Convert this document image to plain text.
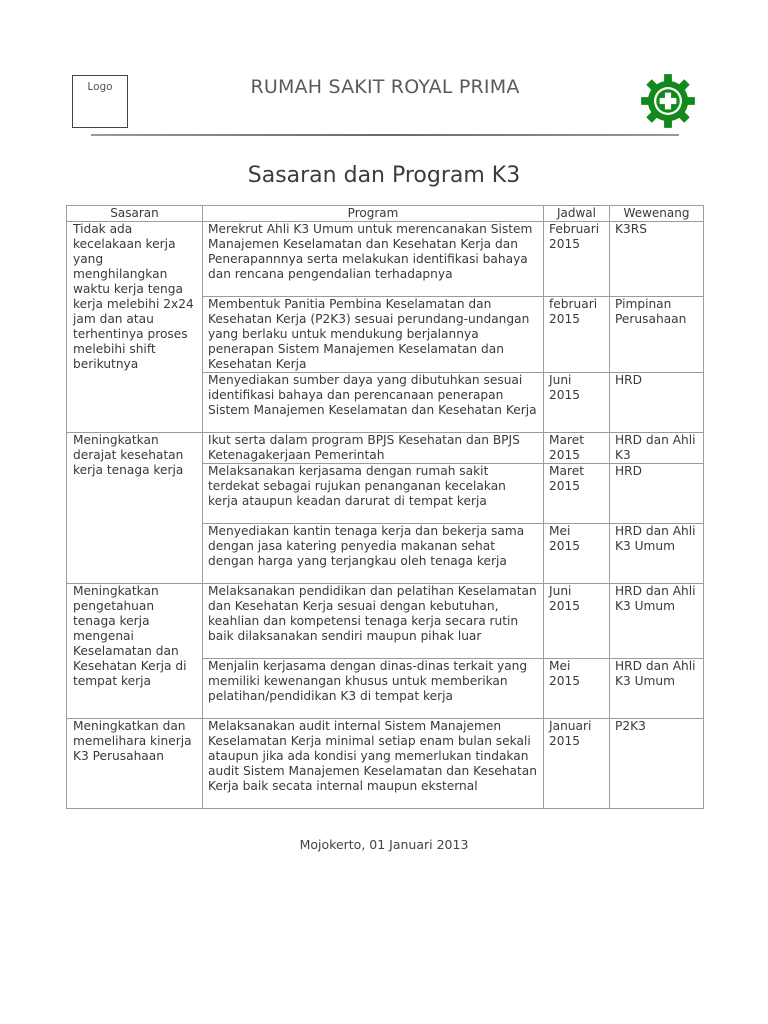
Logo	RUMAH SAKIT ROYAL PRIMA
Sasaran dan Program K3
Sasaran	Program	Jadwal	Wewenang
Tidak ada kecelakaan kerja yang menghilangkan waktu kerja tenga kerja melebihi 2x24 jam dan atau terhentinya proses melebihi shift berikutnya	Merekrut Ahli K3 Umum untuk merencanakan Sistem Manajemen Keselamatan dan Kesehatan Kerja dan Penerapannnya serta melakukan identifikasi bahaya dan rencana pengendalian terhadapnya	Februari 2015	K3RS
	Membentuk Panitia Pembina Keselamatan dan Kesehatan Kerja (P2K3) sesuai perundang-undangan yang berlaku untuk mendukung berjalannya penerapan Sistem Manajemen Keselamatan dan Kesehatan Kerja	februari 2015	Pimpinan Perusahaan
	Menyediakan sumber daya yang dibutuhkan sesuai identifikasi bahaya dan perencanaan penerapan Sistem Manajemen Keselamatan dan Kesehatan Kerja	Juni 2015	HRD
Meningkatkan derajat kesehatan kerja tenaga kerja	Ikut serta dalam program BPJS Kesehatan dan BPJS Ketenagakerjaan Pemerintah	Maret 2015	HRD dan Ahli K3
	Melaksanakan kerjasama dengan rumah sakit terdekat sebagai rujukan penanganan kecelakan kerja ataupun keadan darurat di tempat kerja	Maret 2015	HRD
	Menyediakan kantin tenaga kerja dan bekerja sama dengan jasa katering penyedia makanan sehat dengan harga yang terjangkau oleh tenaga kerja	Mei 2015	HRD dan Ahli K3 Umum
Meningkatkan pengetahuan tenaga kerja mengenai Keselamatan dan Kesehatan Kerja di tempat kerja	Melaksanakan pendidikan dan pelatihan Keselamatan dan Kesehatan Kerja sesuai dengan kebutuhan, keahlian dan kompetensi tenaga kerja secara rutin baik dilaksanakan sendiri maupun pihak luar	Juni 2015	HRD dan Ahli K3 Umum
	Menjalin kerjasama dengan dinas-dinas terkait yang memiliki kewenangan khusus untuk memberikan pelatihan/pendidikan K3 di tempat kerja	Mei 2015	HRD dan Ahli K3 Umum
Meningkatkan dan memelihara kinerja K3 Perusahaan	Melaksanakan audit internal Sistem Manajemen Keselamatan Kerja minimal setiap enam bulan sekali ataupun jika ada kondisi yang memerlukan tindakan audit Sistem Manajemen Keselamatan dan Kesehatan Kerja baik secata internal maupun eksternal	Januari 2015	P2K3
Mojokerto, 01 Januari 2013
